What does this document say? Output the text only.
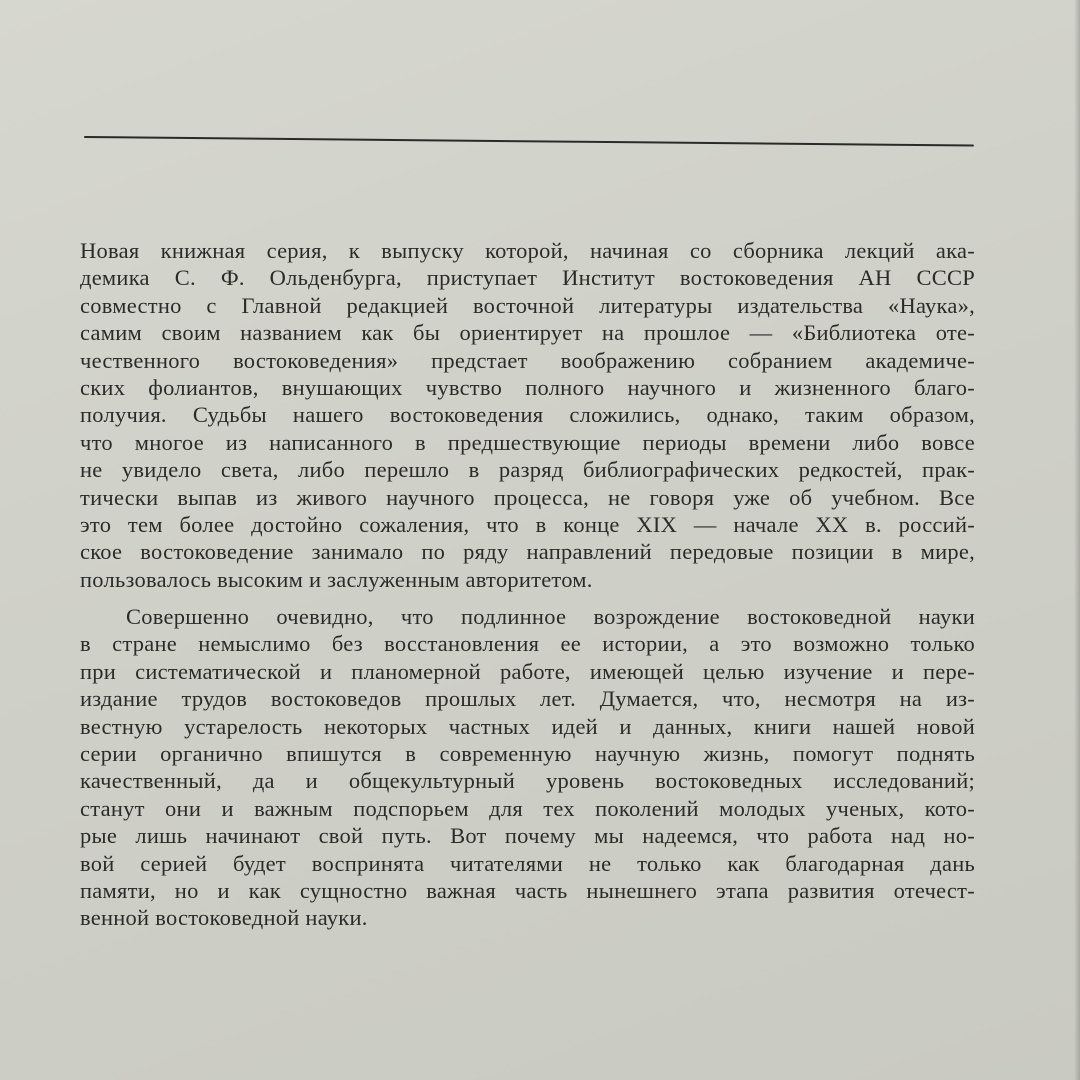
Новая книжная серия, к выпуску которой, начиная со сборника лекций ака-
демика С. Ф. Ольденбурга, приступает Институт востоковедения АН СССР
совместно с Главной редакцией восточной литературы издательства «Наука»,
самим своим названием как бы ориентирует на прошлое — «Библиотека оте-
чественного востоковедения» предстает воображению собранием академиче-
ских фолиантов, внушающих чувство полного научного и жизненного благо-
получия. Судьбы нашего востоковедения сложились, однако, таким образом,
что многое из написанного в предшествующие периоды времени либо вовсе
не увидело света, либо перешло в разряд библиографических редкостей, прак-
тически выпав из живого научного процесса, не говоря уже об учебном. Все
это тем более достойно сожаления, что в конце XIX — начале XX в. россий-
ское востоковедение занимало по ряду направлений передовые позиции в мире,
пользовалось высоким и заслуженным авторитетом.
Совершенно очевидно, что подлинное возрождение востоковедной науки
в стране немыслимо без восстановления ее истории, а это возможно только
при систематической и планомерной работе, имеющей целью изучение и пере-
издание трудов востоковедов прошлых лет. Думается, что, несмотря на из-
вестную устарелость некоторых частных идей и данных, книги нашей новой
серии органично впишутся в современную научную жизнь, помогут поднять
качественный, да и общекультурный уровень востоковедных исследований;
станут они и важным подспорьем для тех поколений молодых ученых, кото-
рые лишь начинают свой путь. Вот почему мы надеемся, что работа над но-
вой серией будет воспринята читателями не только как благодарная дань
памяти, но и как сущностно важная часть нынешнего этапа развития отечест-
венной востоковедной науки.
